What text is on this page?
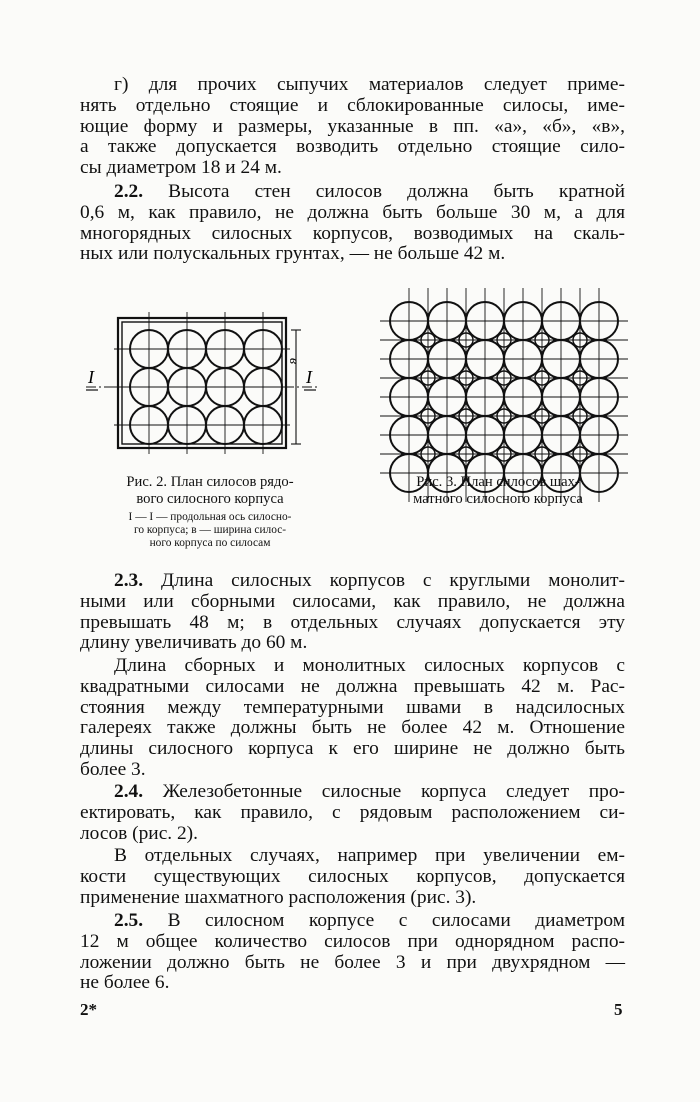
г) для прочих сыпучих материалов следует приме-

нять отдельно стоящие и сблокированные силосы, име-

ющие форму и размеры, указанные в пп. «а», «б», «в»,

а также допускается возводить отдельно стоящие сило-

сы диаметром 18 и 24 м.

2.2. Высота стен силосов должна быть кратной

0,6 м, как правило, не должна быть больше 30 м, а для

многорядных силосных корпусов, возводимых на скаль-

ных или полускальных грунтах, — не больше 42 м.

I	I
в
Рис. 2. План силосов рядо-
вого силосного корпуса
I — I — продольная ось силосно-
го корпуса; в — ширина силос-
ного корпуса по силосам
Рис. 3. План силосов шах-
матного силосного корпуса

2.3. Длина силосных корпусов с круглыми монолит-

ными или сборными силосами, как правило, не должна

превышать 48 м; в отдельных случаях допускается эту

длину увеличивать до 60 м.

Длина сборных и монолитных силосных корпусов с

квадратными силосами не должна превышать 42 м. Рас-

стояния между температурными швами в надсилосных

галереях также должны быть не более 42 м. Отношение

длины силосного корпуса к его ширине не должно быть

более 3.

2.4. Железобетонные силосные корпуса следует про-

ектировать, как правило, с рядовым расположением си-

лосов (рис. 2).

В отдельных случаях, например при увеличении ем-

кости существующих силосных корпусов, допускается

применение шахматного расположения (рис. 3).

2.5. В силосном корпусе с силосами диаметром

12 м общее количество силосов при однорядном распо-

ложении должно быть не более 3 и при двухрядном —

не более 6.

2*	5
